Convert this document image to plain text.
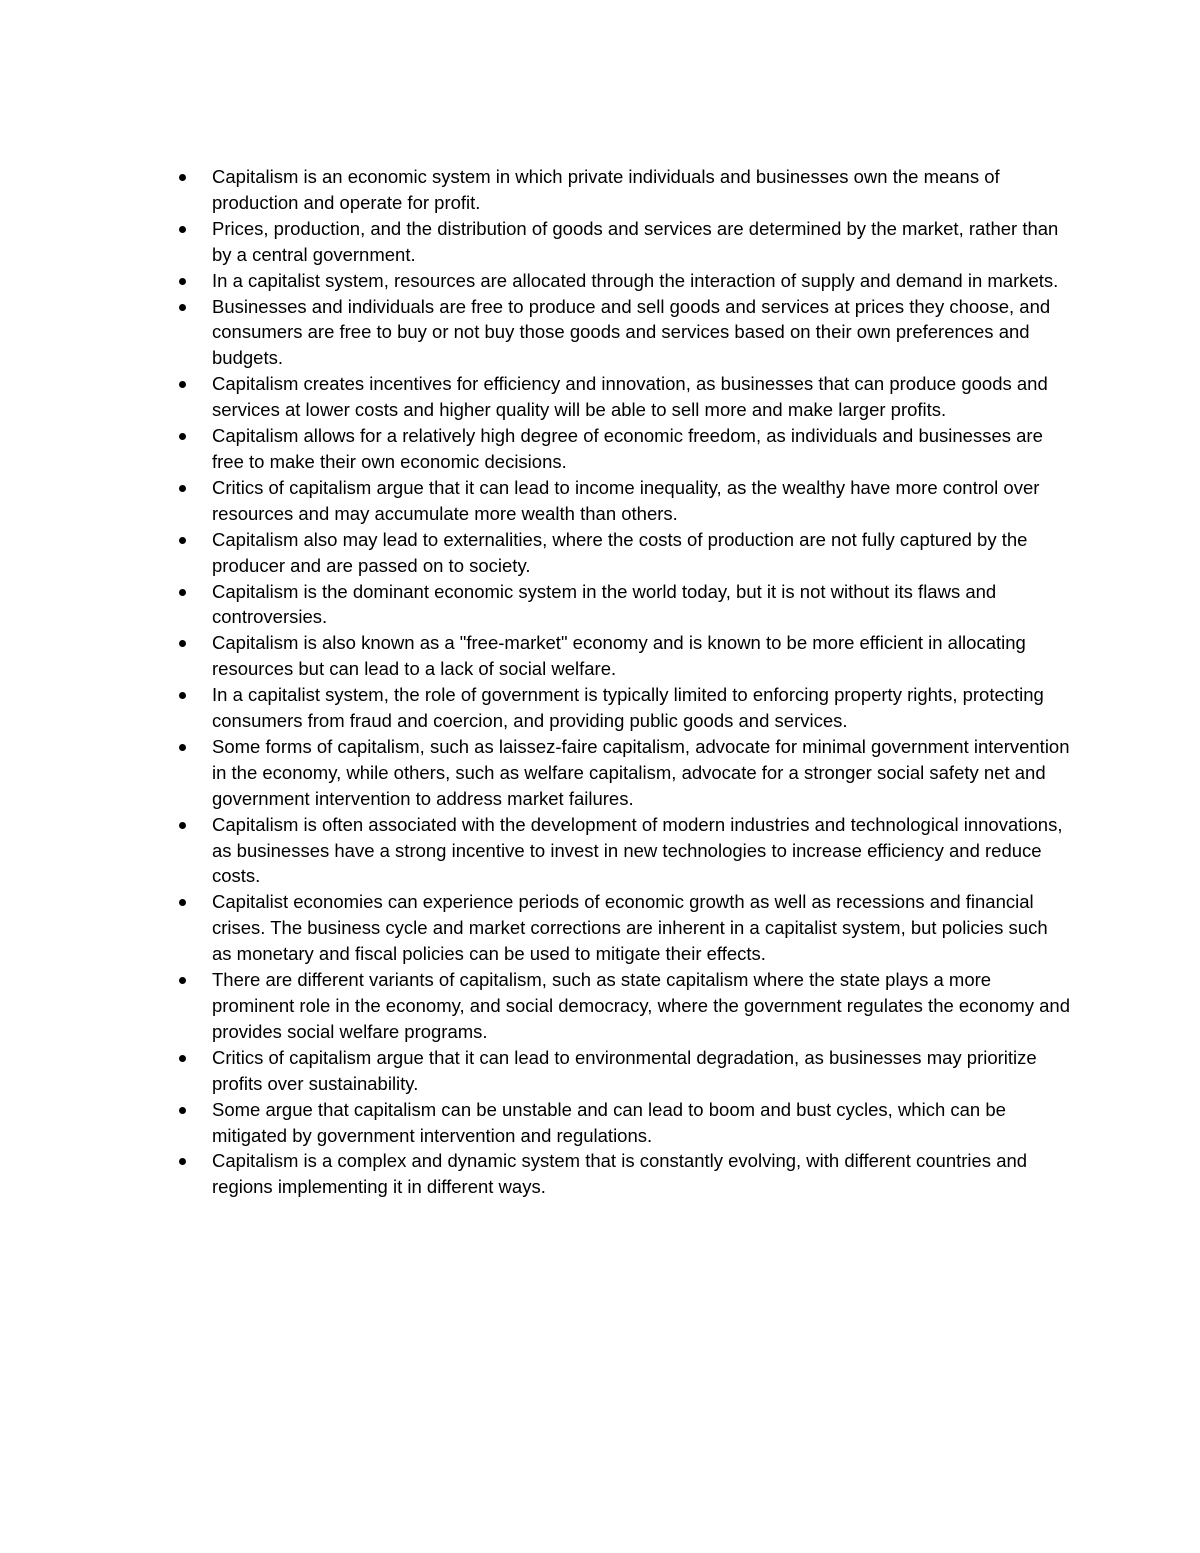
Capitalism is an economic system in which private individuals and businesses own the means of production and operate for profit.
Prices, production, and the distribution of goods and services are determined by the market, rather than by a central government.
In a capitalist system, resources are allocated through the interaction of supply and demand in markets.
Businesses and individuals are free to produce and sell goods and services at prices they choose, and consumers are free to buy or not buy those goods and services based on their own preferences and budgets.
Capitalism creates incentives for efficiency and innovation, as businesses that can produce goods and services at lower costs and higher quality will be able to sell more and make larger profits.
Capitalism allows for a relatively high degree of economic freedom, as individuals and businesses are free to make their own economic decisions.
Critics of capitalism argue that it can lead to income inequality, as the wealthy have more control over resources and may accumulate more wealth than others.
Capitalism also may lead to externalities, where the costs of production are not fully captured by the producer and are passed on to society.
Capitalism is the dominant economic system in the world today, but it is not without its flaws and controversies.
Capitalism is also known as a "free-market" economy and is known to be more efficient in allocating resources but can lead to a lack of social welfare.
In a capitalist system, the role of government is typically limited to enforcing property rights, protecting consumers from fraud and coercion, and providing public goods and services.
Some forms of capitalism, such as laissez-faire capitalism, advocate for minimal government intervention in the economy, while others, such as welfare capitalism, advocate for a stronger social safety net and government intervention to address market failures.
Capitalism is often associated with the development of modern industries and technological innovations, as businesses have a strong incentive to invest in new technologies to increase efficiency and reduce costs.
Capitalist economies can experience periods of economic growth as well as recessions and financial crises. The business cycle and market corrections are inherent in a capitalist system, but policies such as monetary and fiscal policies can be used to mitigate their effects.
There are different variants of capitalism, such as state capitalism where the state plays a more prominent role in the economy, and social democracy, where the government regulates the economy and provides social welfare programs.
Critics of capitalism argue that it can lead to environmental degradation, as businesses may prioritize profits over sustainability.
Some argue that capitalism can be unstable and can lead to boom and bust cycles, which can be mitigated by government intervention and regulations.
Capitalism is a complex and dynamic system that is constantly evolving, with different countries and regions implementing it in different ways.
